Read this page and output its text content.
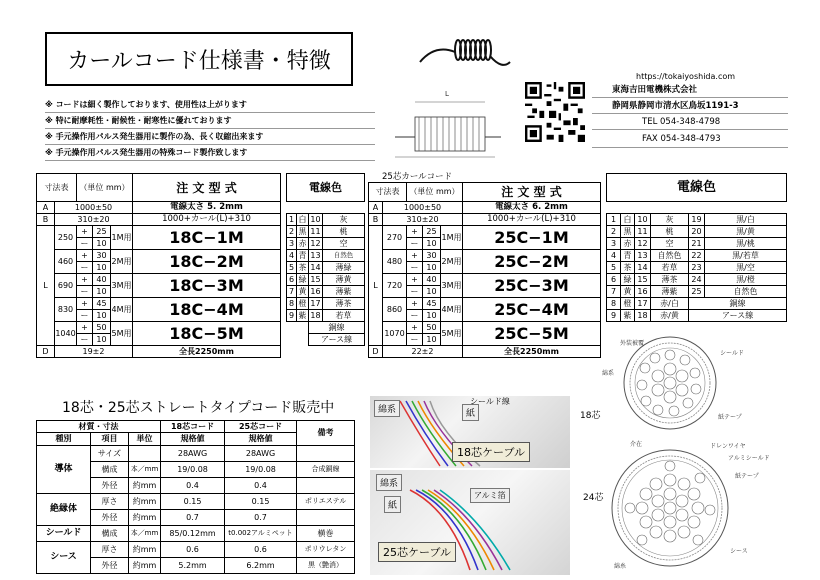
カールコード仕様書・特徴
L
※ コードは細く製作しております、使用性は上がります
※ 特に耐摩耗性・耐候性・耐寒性に優れております
※ 手元操作用パルス発生器用に製作の為、長く収縮出来ます
※ 手元操作用パルス発生器用の特殊コード製作致します
https://tokaiyoshida.com
東海吉田電機株式会社
静岡県静岡市清水区鳥坂1191-3
TEL 054-348-4798
FAX 054-348-4793
寸法表		（単位 mm）			注 文 型 式
A	1000±50				電線太さ 5. 2mm
B	310±20				1000+カール(L)+310
L	250	+	25	1M用	18C−1M
		ー	10		
	460	+	30	2M用	18C−2M
		ー	10		
	690	+	40	3M用	18C−3M
		ー	10		
	830	+	45	4M用	18C−4M
		ー	10		
	1040	+	50	5M用	18C−5M
		ー	10		
D	19±2				全長2250mm
電線色			

1	白	10	灰
2	黒	11	桃
3	赤	12	空
4	青	13	自然色
5	茶	14	薄緑
6	緑	15	薄黄
7	黄	16	薄紫
8	橙	17	薄茶
9	紫	18	若草
		銅線	
		アース線	
25芯カールコード
寸法表		（単位 mm）			注 文 型 式
A	1000±50				電線太さ 6. 2mm
B	310±20				1000+カール(L)+310
L	270	+	25	1M用	25C−1M
		ー	10		
	480	+	30	2M用	25C−2M
		ー	10		
	720	+	40	3M用	25C−3M
		ー	10		
	860	+	45	4M用	25C−4M
		ー	10		
	1070	+	50	5M用	25C−5M
		ー	10		
D	22±2				全長2250mm
電線色					

1	白	10	灰	19	黒/白
2	黒	11	桃	20	黒/黄
3	赤	12	空	21	黒/桃
4	青	13	自然色	22	黒/若草
5	茶	14	若草	23	黒/空
6	緑	15	薄茶	24	黒/橙
7	黄	16	薄紫	25	自然色
8	橙	17	赤/白	銅線	
9	紫	18	赤/黄	アース線	
18芯・25芯ストレートタイプコード販売中
材質・寸法			18芯コード	25芯コード	備考
種別	項目	単位	規格値	規格値	
導体	サイズ		28AWG	28AWG	
	構成	本／mm	19/0.08	19/0.08	合成銅線
	外径	約mm	0.4	0.4	
絶縁体	厚さ	約mm	0.15	0.15	ポリエステル
	外径	約mm	0.7	0.7	
シールド	構成	本／mm	85/0.12mm	t0.002アルミペット	横巻
シース	厚さ	約mm	0.6	0.6	ポリウレタン
	外径	約mm	5.2mm	6.2mm	黒（艶消）
綿系	紙
シールド線
18芯ケーブル
綿系
紙
アルミ箔
25芯ケーブル
18芯
シールド
綿系
紙テープ
外装被覆
24芯
介在	ドレンワイヤ
アルミシールド
紙テープ
シース
綿糸
